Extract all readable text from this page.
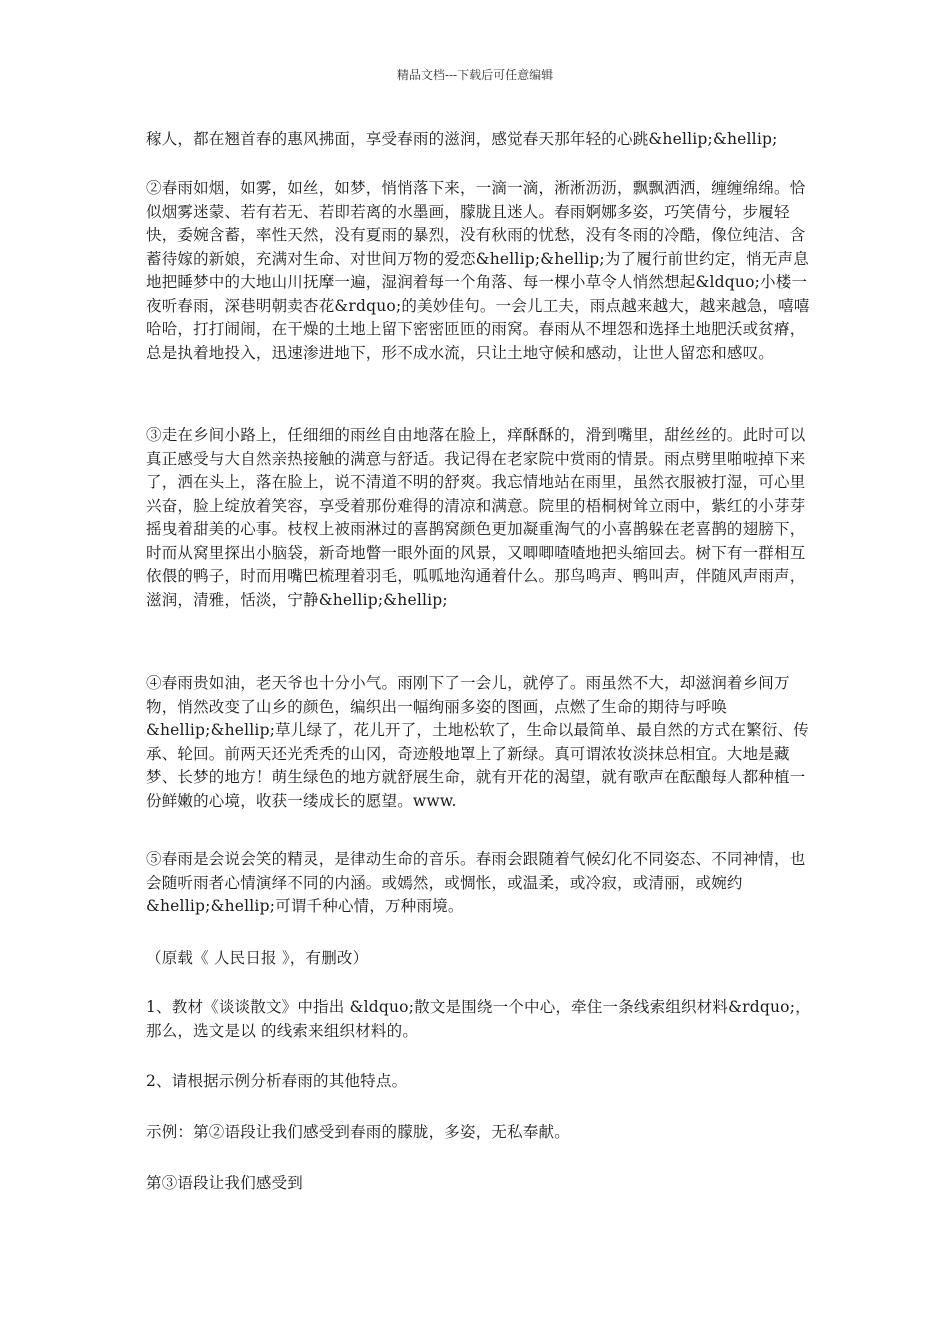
精品文档---下载后可任意编辑

稼人，都在翘首春的惠风拂面，享受春雨的滋润，感觉春天那年轻的心跳&hellip;&hellip;

②春雨如烟，如雾，如丝，如梦，悄悄落下来，一滴一滴，淅淅沥沥，飘飘洒洒，缠缠绵绵。恰似烟雾迷蒙、若有若无、若即若离的水墨画，朦胧且迷人。春雨婀娜多姿，巧笑倩兮，步履轻快，委婉含蓄，率性天然，没有夏雨的暴烈，没有秋雨的忧愁，没有冬雨的冷酷，像位纯洁、含蓄待嫁的新娘，充满对生命、对世间万物的爱恋&hellip;&hellip;为了履行前世约定，悄无声息地把睡梦中的大地山川抚摩一遍，湿润着每一个角落、每一棵小草令人悄然想起&ldquo;小楼一夜听春雨，深巷明朝卖杏花&rdquo;的美妙佳句。一会儿工夫，雨点越来越大，越来越急，嘻嘻哈哈，打打闹闹，在干燥的土地上留下密密匝匝的雨窝。春雨从不埋怨和选择土地肥沃或贫瘠，总是执着地投入，迅速渗进地下，形不成水流，只让土地守候和感动，让世人留恋和感叹。

③走在乡间小路上，任细细的雨丝自由地落在脸上，痒酥酥的，滑到嘴里，甜丝丝的。此时可以真正感受与大自然亲热接触的满意与舒适。我记得在老家院中赏雨的情景。雨点劈里啪啦掉下来了，洒在头上，落在脸上，说不清道不明的舒爽。我忘情地站在雨里，虽然衣服被打湿，可心里兴奋，脸上绽放着笑容，享受着那份难得的清凉和满意。院里的梧桐树耸立雨中，紫红的小芽芽摇曳着甜美的心事。枝杈上被雨淋过的喜鹊窝颜色更加凝重淘气的小喜鹊躲在老喜鹊的翅膀下，时而从窝里探出小脑袋，新奇地瞥一眼外面的风景，又唧唧喳喳地把头缩回去。树下有一群相互依偎的鸭子，时而用嘴巴梳理着羽毛，呱呱地沟通着什么。那鸟鸣声、鸭叫声，伴随风声雨声，滋润，清雅，恬淡，宁静&hellip;&hellip;

④春雨贵如油，老天爷也十分小气。雨刚下了一会儿，就停了。雨虽然不大，却滋润着乡间万物，悄然改变了山乡的颜色，编织出一幅绚丽多姿的图画，点燃了生命的期待与呼唤&hellip;&hellip;草儿绿了，花儿开了，土地松软了，生命以最简单、最自然的方式在繁衍、传承、轮回。前两天还光秃秃的山冈，奇迹般地罩上了新绿。真可谓浓妆淡抹总相宜。大地是藏梦、长梦的地方！萌生绿色的地方就舒展生命，就有开花的渴望，就有歌声在酝酿每人都种植一份鲜嫩的心境，收获一缕成长的愿望。www.

⑤春雨是会说会笑的精灵，是律动生命的音乐。春雨会跟随着气候幻化不同姿态、不同神情，也会随听雨者心情演绎不同的内涵。或嫣然，或惆怅，或温柔，或冷寂，或清丽，或婉约&hellip;&hellip;可谓千种心情，万种雨境。

（原载《 人民日报 》，有删改）

1、教材《谈谈散文》中指出 &ldquo;散文是围绕一个中心，牵住一条线索组织材料&rdquo;，那么，选文是以 的线索来组织材料的。

2、请根据示例分析春雨的其他特点。

示例：第②语段让我们感受到春雨的朦胧，多姿，无私奉献。

第③语段让我们感受到
